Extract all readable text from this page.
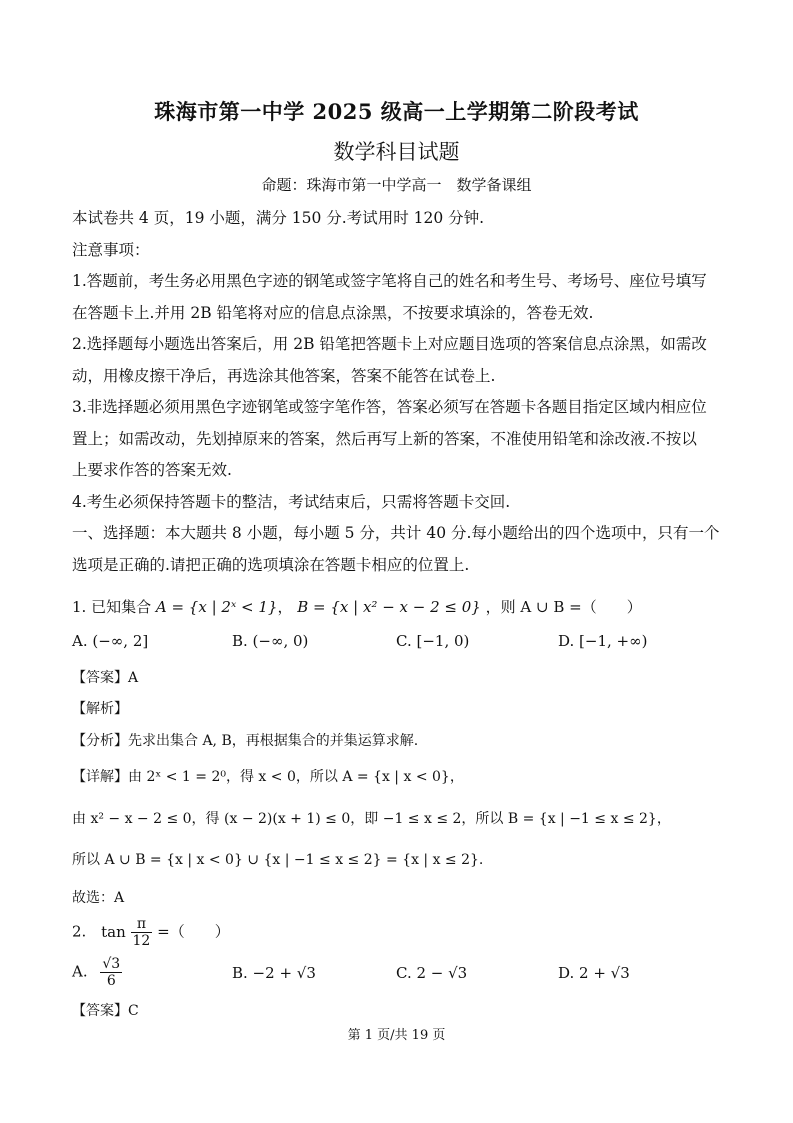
珠海市第一中学 2025 级高一上学期第二阶段考试
数学科目试题
命题：珠海市第一中学高一　数学备课组

本试卷共 4 页，19 小题，满分 150 分.考试用时 120 分钟.

注意事项：

1.答题前，考生务必用黑色字迹的钢笔或签字笔将自己的姓名和考生号、考场号、座位号填写

在答题卡上.并用 2B 铅笔将对应的信息点涂黑，不按要求填涂的，答卷无效.

2.选择题每小题选出答案后，用 2B 铅笔把答题卡上对应题目选项的答案信息点涂黑，如需改

动，用橡皮擦干净后，再选涂其他答案，答案不能答在试卷上.

3.非选择题必须用黑色字迹钢笔或签字笔作答，答案必须写在答题卡各题目指定区域内相应位

置上；如需改动，先划掉原来的答案，然后再写上新的答案，不准使用铅笔和涂改液.不按以

上要求作答的答案无效.

4.考生必须保持答题卡的整洁，考试结束后，只需将答题卡交回.

一、选择题：本大题共 8 小题，每小题 5 分，共计 40 分.每小题给出的四个选项中，只有一个

选项是正确的.请把正确的选项填涂在答题卡相应的位置上.

1. 已知集合 A = {x | 2ˣ < 1}， B = {x | x² − x − 2 ≤ 0} ，则 A ∪ B =（　　）
A. (−∞, 2]	B. (−∞, 0)	C. [−1, 0)	D. [−1, +∞)
【答案】A
【解析】
【分析】先求出集合 A, B，再根据集合的并集运算求解.
【详解】由 2ˣ < 1 = 2⁰，得 x < 0，所以 A = {x | x < 0}，
由 x² − x − 2 ≤ 0，得 (x − 2)(x + 1) ≤ 0，即 −1 ≤ x ≤ 2，所以 B = {x | −1 ≤ x ≤ 2}，
所以 A ∪ B = {x | x < 0} ∪ {x | −1 ≤ x ≤ 2} = {x | x ≤ 2}.
故选：A
2. $\tan \frac{\pi}{12}$ =（　　）
A. $\frac{√3}{6}$	B. −2 + √3	C. 2 − √3	D. 2 + √3
【答案】C
第 1 页/共 19 页
